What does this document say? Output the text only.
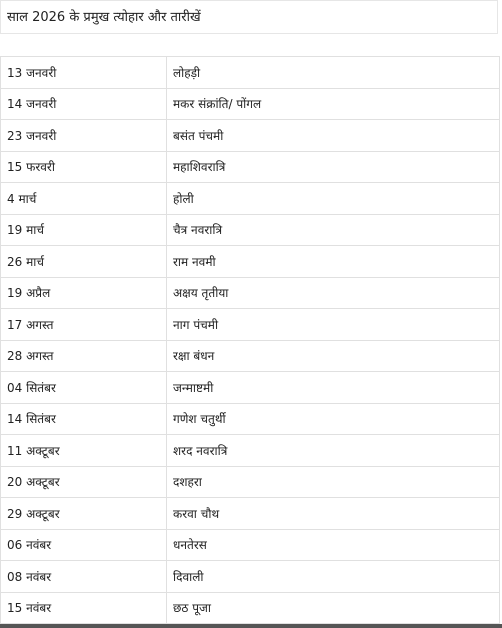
साल 2026 के प्रमुख त्योहार और तारीखें
13 जनवरी	लोहड़ी
14 जनवरी	मकर संक्रांति/ पोंगल
23 जनवरी	बसंत पंचमी
15 फरवरी	महाशिवरात्रि
4 मार्च	होली
19 मार्च	चैत्र नवरात्रि
26 मार्च	राम नवमी
19 अप्रैल	अक्षय तृतीया
17 अगस्त	नाग पंचमी
28 अगस्त	रक्षा बंधन
04 सितंबर	जन्माष्टमी
14 सितंबर	गणेश चतुर्थी
11 अक्टूबर	शरद नवरात्रि
20 अक्टूबर	दशहरा
29 अक्टूबर	करवा चौथ
06 नवंबर	धनतेरस
08 नवंबर	दिवाली
15 नवंबर	छठ पूजा
